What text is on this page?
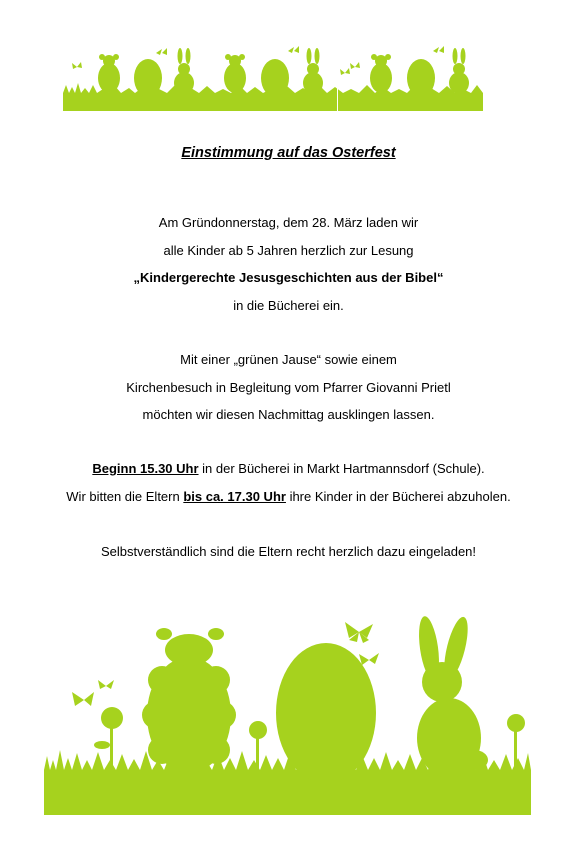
Einstimmung auf das Osterfest
Am Gründonnerstag, dem 28. März laden wir
alle Kinder ab 5 Jahren herzlich zur Lesung
„Kindergerechte Jesusgeschichten aus der Bibel“
in die Bücherei ein.
Mit einer „grünen Jause“ sowie einem
Kirchenbesuch in Begleitung vom Pfarrer Giovanni Prietl
möchten wir diesen Nachmittag ausklingen lassen.
Beginn 15.30 Uhr in der Bücherei in Markt Hartmannsdorf (Schule).
Wir bitten die Eltern bis ca. 17.30 Uhr ihre Kinder in der Bücherei abzuholen.
Selbstverständlich sind die Eltern recht herzlich dazu eingeladen!
